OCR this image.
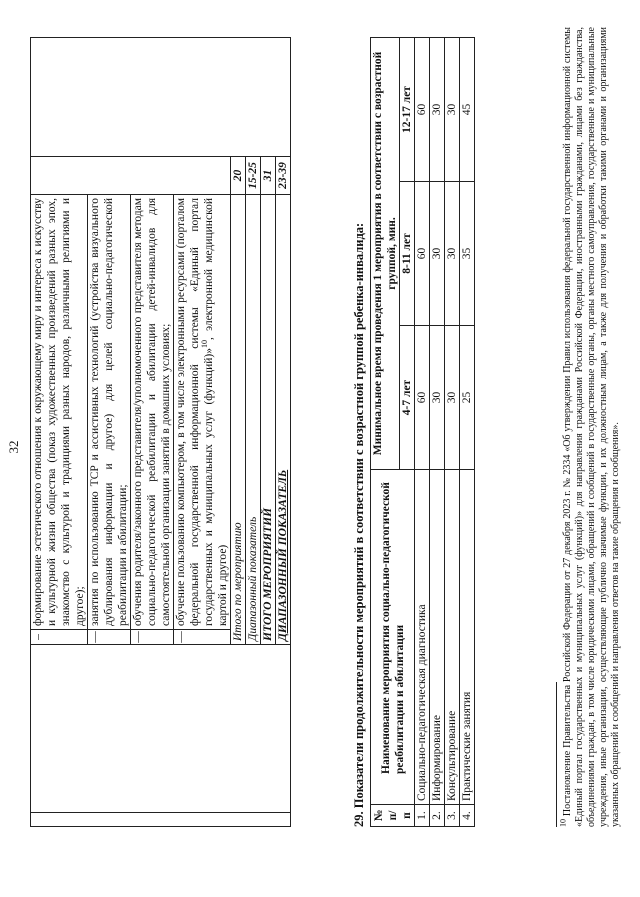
32
		–	формирование эстетического отношения к окружающему миру и интереса к искусству и культурной жизни общества (показ художественных произведений разных эпох, знакомство с культурой и традициями разных народов, различными религиями и другое);		
		—	занятия по использованию ТСР и ассистивных технологий (устройства визуального дублирования информации и другое) для целей социально-педагогической реабилитации и абилитации;		
		—	обучения родителя/законного представителя/уполномоченного представителя методам социально-педагогической реабилитации и абилитации детей-инвалидов для самостоятельной организации занятий в домашних условиях;		
		—	обучение пользованию компьютером, в том числе электронными ресурсами (порталом федеральной государственной информационной системы «Единый портал государственных и муниципальных услуг (функций)»$^{10}$, электронной медицинской картой и другое)		
		Итого по мероприятию		20	
		Диапазонный показатель		15-25	
		ИТОГО МЕРОПРИЯТИЙ		31	
		ДИАПАЗОННЫЙ ПОКАЗАТЕЛЬ		23-39	
29. Показатели продолжительности мероприятий в соответствии с возрастной группой ребенка-инвалида: № п/п	Наименование мероприятия социально-педагогической реабилитации и абилитации	Минимальное время проведения 1 мероприятия в соответствии с возрастной группой, мин.		
		4-7 лет	8-11 лет	12-17 лет
1.	Социально-педагогическая диагностика	60	60	60
2.	Информирование	30	30	30
3.	Консультирование	30	30	30
4.	Практические занятия	25	35	45
$^{10}$ Постановление Правительства Российской Федерации от 27 декабря 2023 г. № 2334 «Об утверждении Правил использования федеральной государственной информационной системы «Единый портал государственных и муниципальных услуг (функций)» для направления гражданами Российской Федерации, иностранными гражданами, лицами без гражданства, объединениями граждан, в том числе юридическими лицами, обращений и сообщений в государственные органы, органы местного самоуправления, государственные и муниципальные учреждения, иные организации, осуществляющие публично значимые функции, и их должностным лицам, а также для получения и обработки такими органами и организациями указанных обращений и сообщений и направления ответов на такие обращения и сообщения».
